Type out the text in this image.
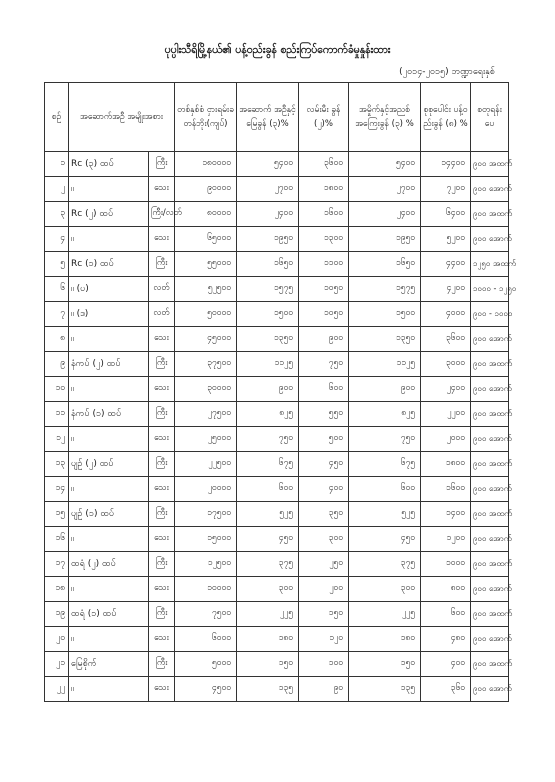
ပုပ္ပါးသီရိမြို့နယ်၏ ပန့်ဝည်းခွန် စည်းကြပ်ကောက်ခံမှုနှုန်းထား
(၂၀၁၄-၂၀၁၅) ဘဏ္ဍာရေးနှစ်
စဉ်	အဆောက်အဦ အမျိုးအစား		တစ်နှစ်စံ ငှားရမ်းခ တန်ဘိုး(ကျပ်)	အဆောက် အဦနှင့်မြေခွန် (၃)%	လမ်းမီး ခွန် (၂)%	အမှိုက်နှင့်အညစ် အကြေးခွန် (၃) %	စုစုပေါင်း ပန့်ဝည်းခွန် (၈) %	စတုရန်းပေ
၁	Rc (၃) ထပ်	ကြီး	၁၈၀၀၀၀	၅၄၀၀	၃၆၀၀	၅၄၀၀	၁၄၄၀၀	၉၀၀ အထက်
၂	။	သေး	၉၀၀၀၀	၂၇၀၀	၁၈၀၀	၂၇၀၀	၇၂၀၀	၉၀၀ အောက်
၃	Rc (၂) ထပ်	ကြီး/လတ်	၈၀၀၀၀	၂၄၀၀	၁၆၀၀	၂၄၀၀	၆၄၀၀	၉၀၀ အထက်
၄	။	သေး	၆၅၀၀၀	၁၉၅၀	၁၃၀၀	၁၉၅၀	၅၂၀၀	၉၀၀ အောက်
၅	Rc (၁) ထပ်	ကြီး	၅၅၀၀၀	၁၆၅၀	၁၁၀၀	၁၆၅၀	၄၄၀၀	၁၂၅၀ အထက်
၆	။ (ပ)	လတ်	၅၂၅၀၀	၁၅၇၅	၁၀၅၀	၁၅၇၅	၄၂၀၀	၁၀၀၀ - ၁၂၅၀
၇	။ (ဒ)	လတ်	၅၀၀၀၀	၁၅၀၀	၁၀၅၀	၁၅၀၀	၄၀၀၀	၉၀၀ - ၁၀၀၀
၈	။	သေး	၄၅၀၀၀	၁၃၅၀	၉၀၀	၁၃၅၀	၃၆၀၀	၉၀၀ အောက်
၉	နံကပ် (၂) ထပ်	ကြီး	၃၇၅၀၀	၁၁၂၅	၇၅၀	၁၁၂၅	၃၀၀၀	၉၀၀ အထက်
၁၀	။	သေး	၃၀၀၀၀	၉၀၀	၆၀၀	၉၀၀	၂၄၀၀	၉၀၀ အောက်
၁၁	နံကပ် (၁) ထပ်	ကြီး	၂၇၅၀၀	၈၂၅	၅၅၀	၈၂၅	၂၂၀၀	၉၀၀ အထက်
၁၂	။	သေး	၂၅၀၀၀	၇၅၀	၅၀၀	၇၅၀	၂၀၀၀	၉၀၀ အောက်
၁၃	ပျဉ် (၂) ထပ်	ကြီး	၂၂၅၀၀	၆၇၅	၄၅၀	၆၇၅	၁၈၀၀	၉၀၀ အထက်
၁၄	။	သေး	၂၀၀၀၀	၆၀၀	၄၀၀	၆၀၀	၁၆၀၀	၉၀၀ အောက်
၁၅	ပျဉ် (၁) ထပ်	ကြီး	၁၇၅၀၀	၅၂၅	၃၅၀	၅၂၅	၁၄၀၀	၉၀၀ အထက်
၁၆	။	သေး	၁၅၀၀၀	၄၅၀	၃၀၀	၄၅၀	၁၂၀၀	၉၀၀ အောက်
၁၇	ထရံ (၂) ထပ်	ကြီး	၁၂၅၀၀	၃၇၅	၂၅၀	၃၇၅	၁၀၀၀	၉၀၀ အထက်
၁၈	။	သေး	၁၀၀၀၀	၃၀၀	၂၀၀	၃၀၀	၈၀၀	၉၀၀ အောက်
၁၉	ထရံ (၁) ထပ်	ကြီး	၇၅၀၀	၂၂၅	၁၅၀	၂၂၅	၆၀၀	၉၀၀ အထက်
၂၀	။	သေး	၆၀၀၀	၁၈၀	၁၂၀	၁၈၀	၄၈၀	၉၀၀ အောက်
၂၁	မြေစိုက်	ကြီး	၅၀၀၀	၁၅၀	၁၀၀	၁၅၀	၄၀၀	၉၀၀ အထက်
၂၂	။	သေး	၄၅၀၀	၁၃၅	၉၀	၁၃၅	၃၆၀	၉၀၀ အောက်
